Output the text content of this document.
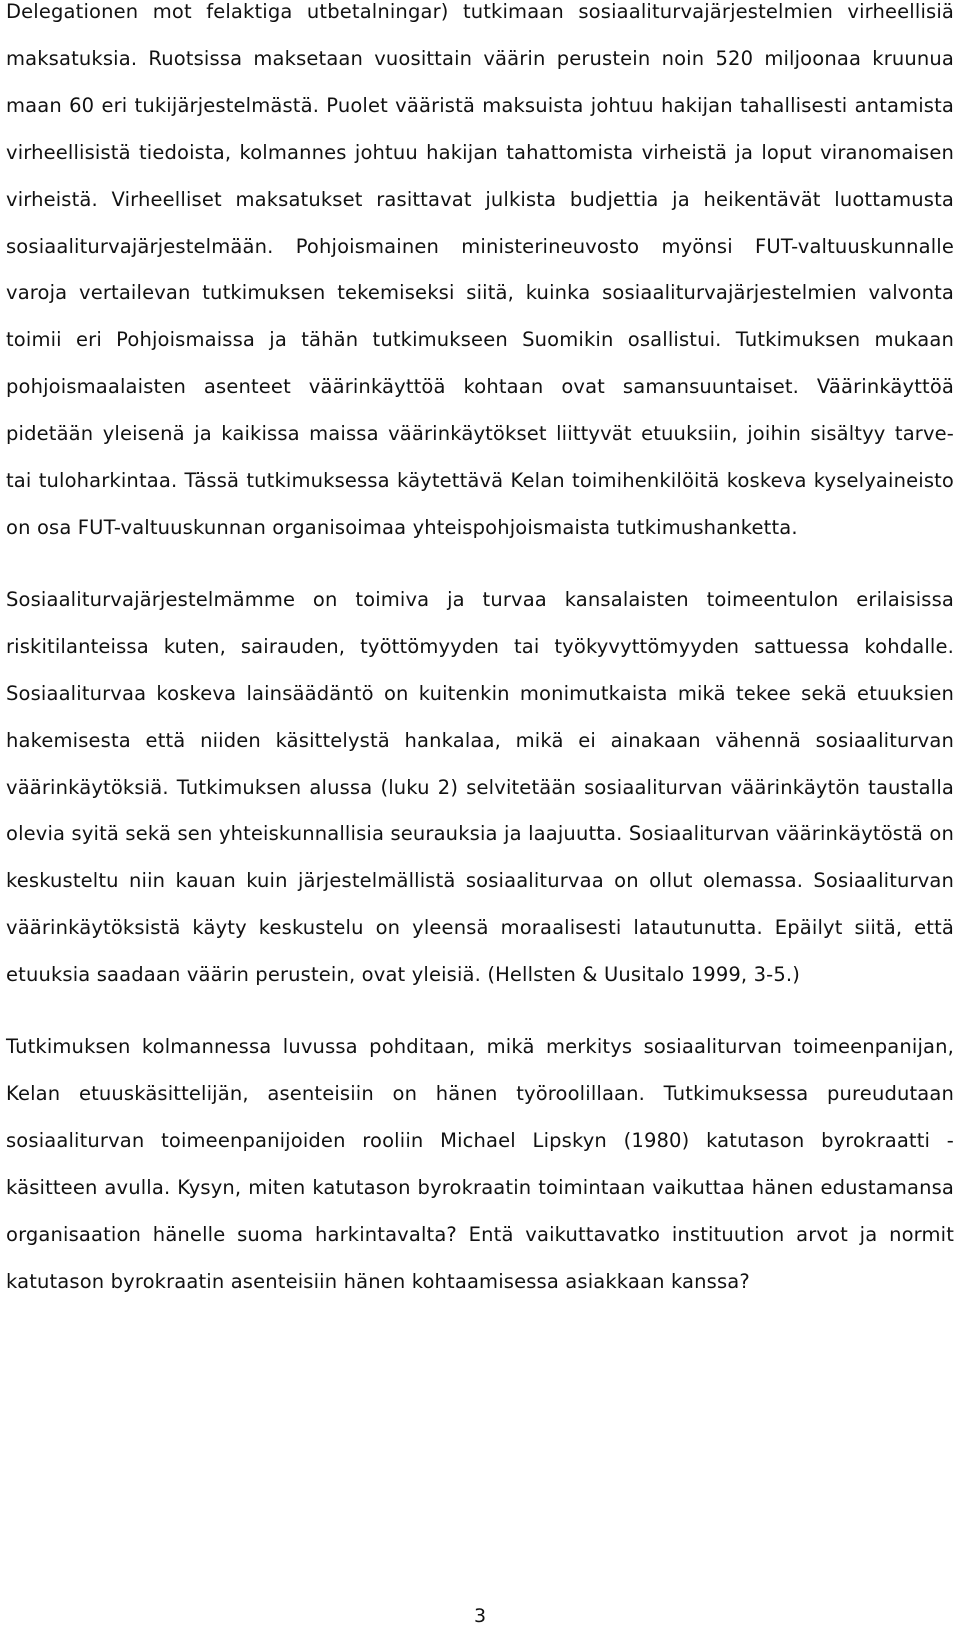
Delegationen mot felaktiga utbetalningar) tutkimaan sosiaaliturvajärjestelmien virheellisiä maksatuksia. Ruotsissa maksetaan vuosittain väärin perustein noin 520 miljoonaa kruunua maan 60 eri tukijärjestelmästä. Puolet vääristä maksuista johtuu hakijan tahallisesti antamista virheellisistä tiedoista, kolmannes johtuu hakijan tahattomista virheistä ja loput viranomaisen virheistä. Virheelliset maksatukset rasittavat julkista budjettia ja heikentävät luottamusta sosiaaliturvajärjestelmään. Pohjoismainen ministerineuvosto myönsi FUT-valtuuskunnalle varoja vertailevan tutkimuksen tekemiseksi siitä, kuinka sosiaaliturvajärjestelmien valvonta toimii eri Pohjoismaissa ja tähän tutkimukseen Suomikin osallistui. Tutkimuksen mukaan pohjoismaalaisten asenteet väärinkäyttöä kohtaan ovat samansuuntaiset. Väärinkäyttöä pidetään yleisenä ja kaikissa maissa väärinkäytökset liittyvät etuuksiin, joihin sisältyy tarve- tai tuloharkintaa. Tässä tutkimuksessa käytettävä Kelan toimihenkilöitä koskeva kyselyaineisto on osa FUT-valtuuskunnan organisoimaa yhteispohjoismaista tutkimushanketta.

Sosiaaliturvajärjestelmämme on toimiva ja turvaa kansalaisten toimeentulon erilaisissa riskitilanteissa kuten, sairauden, työttömyyden tai työkyvyttömyyden sattuessa kohdalle. Sosiaaliturvaa koskeva lainsäädäntö on kuitenkin monimutkaista mikä tekee sekä etuuksien hakemisesta että niiden käsittelystä hankalaa, mikä ei ainakaan vähennä sosiaaliturvan väärinkäytöksiä. Tutkimuksen alussa (luku 2) selvitetään sosiaaliturvan väärinkäytön taustalla olevia syitä sekä sen yhteiskunnallisia seurauksia ja laajuutta. Sosiaaliturvan väärinkäytöstä on keskusteltu niin kauan kuin järjestelmällistä sosiaaliturvaa on ollut olemassa. Sosiaaliturvan väärinkäytöksistä käyty keskustelu on yleensä moraalisesti latautunutta. Epäilyt siitä, että etuuksia saadaan väärin perustein, ovat yleisiä. (Hellsten & Uusitalo 1999, 3-5.)

Tutkimuksen kolmannessa luvussa pohditaan, mikä merkitys sosiaaliturvan toimeenpanijan, Kelan etuuskäsittelijän, asenteisiin on hänen työroolillaan. Tutkimuksessa pureudutaan sosiaaliturvan toimeenpanijoiden rooliin Michael Lipskyn (1980) katutason byrokraatti -käsitteen avulla. Kysyn, miten katutason byrokraatin toimintaan vaikuttaa hänen edustamansa organisaation hänelle suoma harkintavalta? Entä vaikuttavatko instituution arvot ja normit katutason byrokraatin asenteisiin hänen kohtaamisessa asiakkaan kanssa?

3
